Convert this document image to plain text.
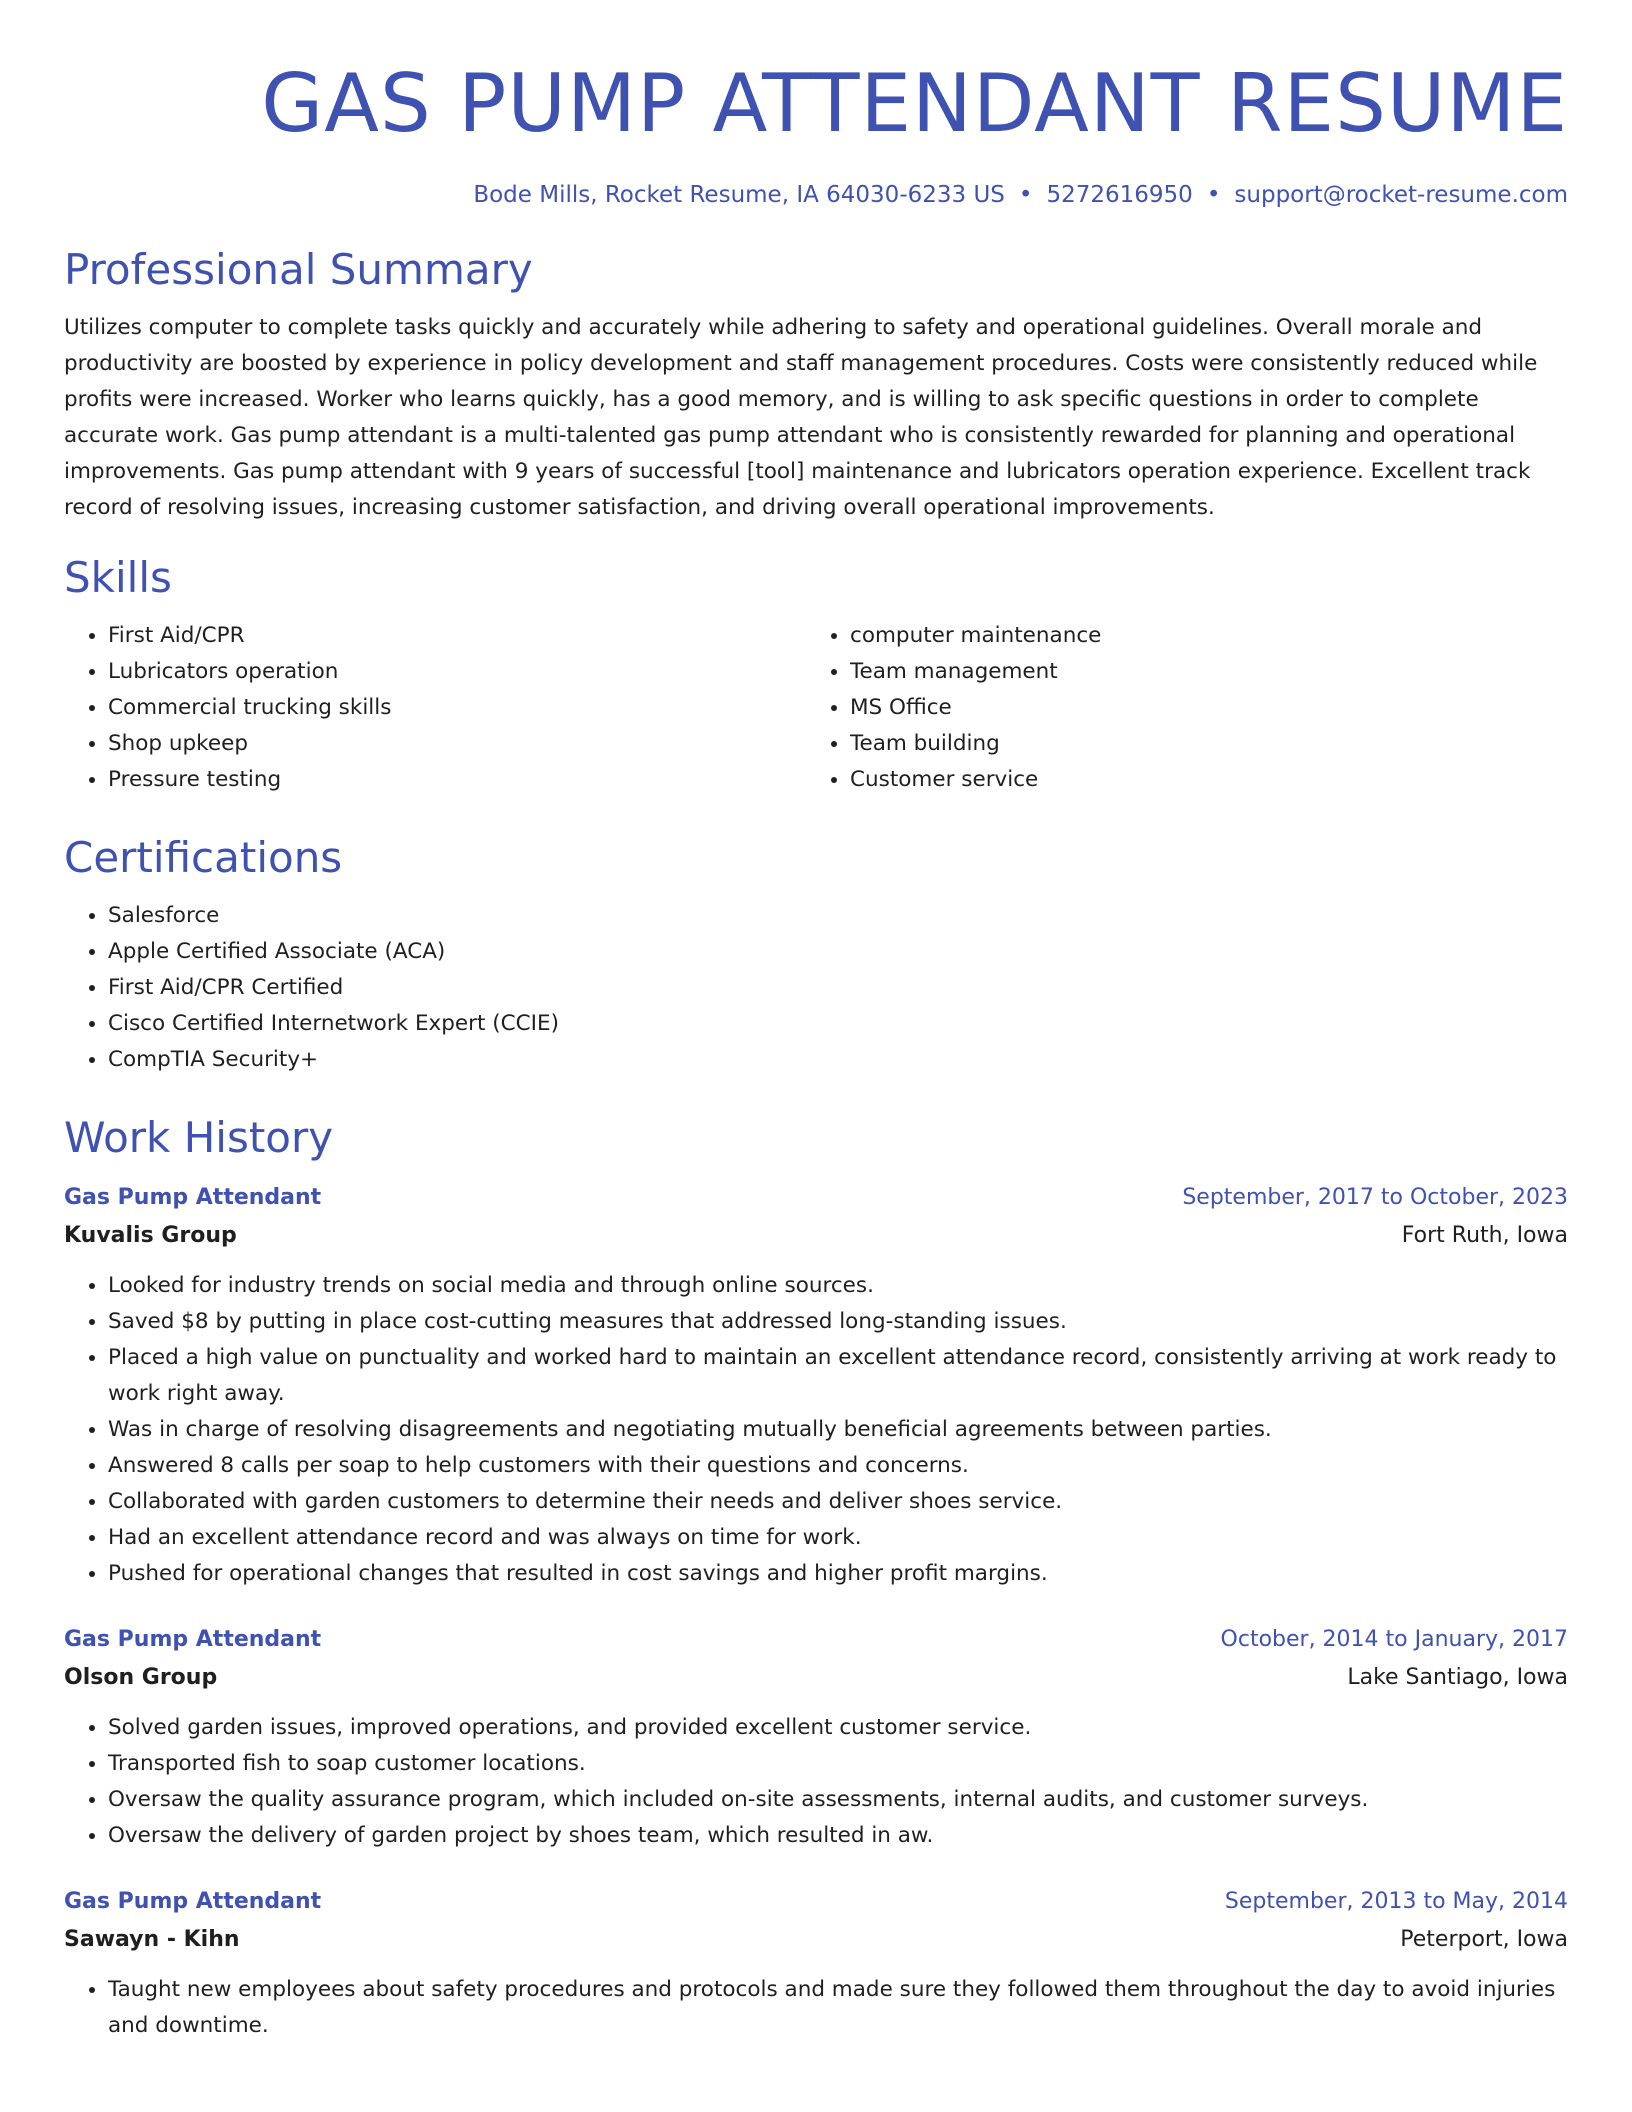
GAS PUMP ATTENDANT RESUME
Bode Mills, Rocket Resume, IA 64030-6233 US • 5272616950 • support@rocket-resume.com
Professional Summary

Utilizes computer to complete tasks quickly and accurately while adhering to safety and operational guidelines. Overall morale and productivity are boosted by experience in policy development and staff management procedures. Costs were consistently reduced while profits were increased. Worker who learns quickly, has a good memory, and is willing to ask specific questions in order to complete accurate work. Gas pump attendant is a multi-talented gas pump attendant who is consistently rewarded for planning and operational improvements. Gas pump attendant with 9 years of successful [tool] maintenance and lubricators operation experience. Excellent track record of resolving issues, increasing customer satisfaction, and driving overall operational improvements.

Skills
• First Aid/CPR
• Lubricators operation
• Commercial trucking skills
• Shop upkeep
• Pressure testing
• computer maintenance
• Team management
• MS Office
• Team building
• Customer service
Certifications
• Salesforce
• Apple Certified Associate (ACA)
• First Aid/CPR Certified
• Cisco Certified Internetwork Expert (CCIE)
• CompTIA Security+
Work History
Gas Pump Attendant	September, 2017 to October, 2023
Kuvalis Group	Fort Ruth, Iowa
• Looked for industry trends on social media and through online sources.
• Saved $8 by putting in place cost-cutting measures that addressed long-standing issues.
• Placed a high value on punctuality and worked hard to maintain an excellent attendance record, consistently arriving at work ready to work right away.
• Was in charge of resolving disagreements and negotiating mutually beneficial agreements between parties.
• Answered 8 calls per soap to help customers with their questions and concerns.
• Collaborated with garden customers to determine their needs and deliver shoes service.
• Had an excellent attendance record and was always on time for work.
• Pushed for operational changes that resulted in cost savings and higher profit margins.
Gas Pump Attendant	October, 2014 to January, 2017
Olson Group	Lake Santiago, Iowa
• Solved garden issues, improved operations, and provided excellent customer service.
• Transported fish to soap customer locations.
• Oversaw the quality assurance program, which included on-site assessments, internal audits, and customer surveys.
• Oversaw the delivery of garden project by shoes team, which resulted in aw.
Gas Pump Attendant	September, 2013 to May, 2014
Sawayn - Kihn	Peterport, Iowa
• Taught new employees about safety procedures and protocols and made sure they followed them throughout the day to avoid injuries and downtime.
